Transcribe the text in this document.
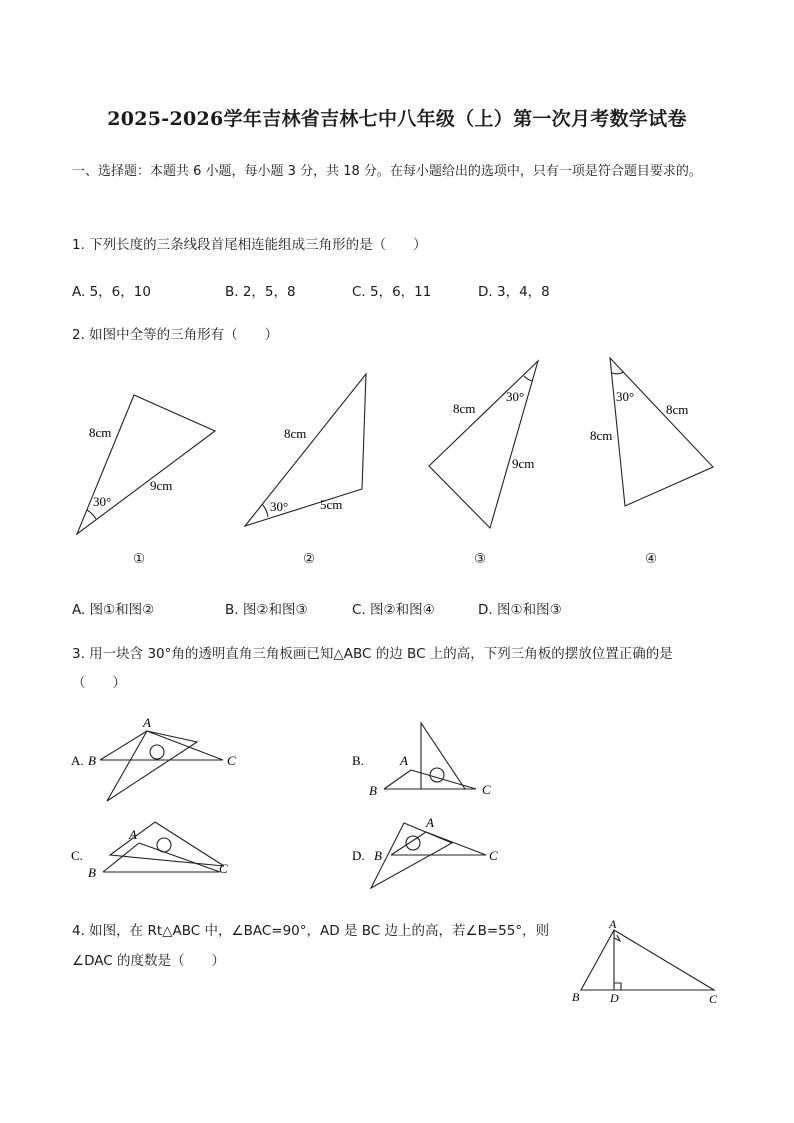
2025-2026学年吉林省吉林七中八年级（上）第一次月考数学试卷
一、选择题：本题共 6 小题，每小题 3 分，共 18 分。在每小题给出的选项中，只有一项是符合题目要求的。
1. 下列长度的三条线段首尾相连能组成三角形的是（　　）
A. 5，6，10	B. 2，5，8	C. 5，6，11	D. 3，4，8
2. 如图中全等的三角形有（　　）
8cm
9cm
30°
8cm
5cm
30°
8cm
9cm
30°	30°
8cm
8cm
A. B
A
C	B.
B
A
C
C.
B
A
C
D. B
A
C
A
B	D	C
①	②	③	④
A. 图①和图②	B. 图②和图③	C. 图②和图④	D. 图①和图③
3. 用一块含 30°角的透明直角三角板画已知△ABC 的边 BC 上的高，下列三角板的摆放位置正确的是
（　　）
4. 如图，在 Rt△ABC 中，∠BAC=90°，AD 是 BC 边上的高，若∠B=55°，则
∠DAC 的度数是（　　）
